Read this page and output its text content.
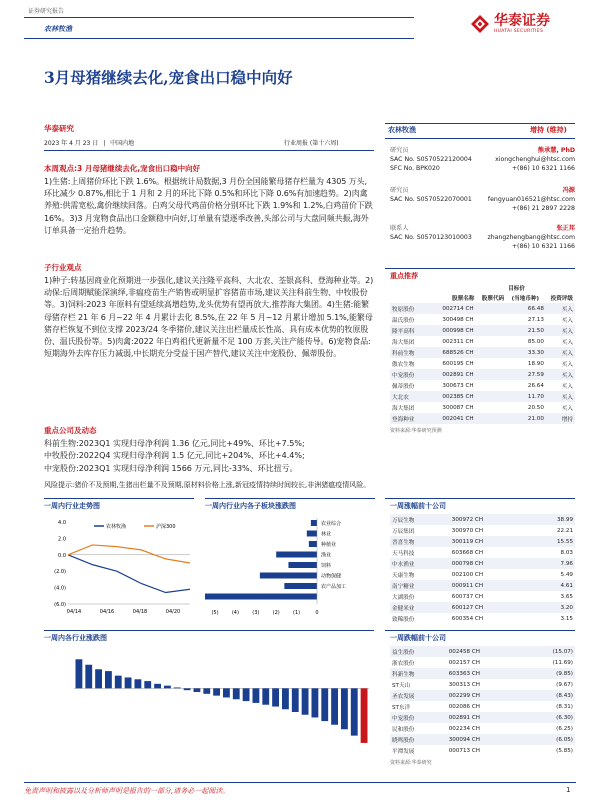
证券研究报告
农林牧渔	华泰证券
HUATAI SECURITIES
3月母猪继续去化,宠食出口稳中向好
华泰研究
2023 年 4 月 23 日 | 中国内地	行业周报 (第十六周)
本周观点:3 月母猪继续去化,宠食出口稳中向好
1)生猪:上周猪价环比下跌 1.6%。根据统计局数据,3 月份全国能繁母猪存栏量为 4305 万头,环比减少 0.87%,相比于 1 月和 2 月的环比下降 0.5%和环比下降 0.6%有加速趋势。2)肉禽养殖:供需宽松,禽价继续回落。白鸡父母代鸡苗价格分别环比下跌 1.9%和 1.2%,白鸡苗价下跌 16%。3)3 月宠物食品出口金额稳中向好,订单量有望逐季改善,头部公司与大盘同频共振,海外订单具备一定抬升趋势。
子行业观点
1)种子:转基因商业化预期进一步强化,建议关注隆平高科、大北农、荃银高科、登海种业等。2)动保:后周期赋能深演绎,非瘟疫苗生产销售或明显扩容猪苗市场,建议关注科前生物、中牧股份等。3)饲料:2023 年原料有望延续高增趋势,龙头优势有望再放大,推荐海大集团。4)生猪:能繁母猪存栏 21 年 6 月~22 年 4 月累计去化 8.5%,在 22 年 5 月~12 月累计增加 5.1%,能繁母猪存栏恢复不到位支撑 2023/24 冬季猪价,建议关注出栏量成长性高、具有成本优势的牧原股份、温氏股份等。5)肉禽:2022 年白鸡祖代更新量不足 100 万套,关注产能传导。6)宠物食品:短期海外去库存压力减弱,中长期充分受益于国产替代,建议关注中宠股份、佩蒂股份。
重点公司及动态
科前生物:2023Q1 实现归母净利润 1.36 亿元,同比+49%、环比+7.5%;
中牧股份:2022Q4 实现归母净利润 1.5 亿元,同比+204%、环比+4.4%;
中宠股份:2023Q1 实现归母净利润 1566 万元,同比-33%、环比扭亏。
风险提示:猪价不及预期,生猪出栏量不及预期,原材料价格上涨,新冠疫情持续时间较长,非洲猪瘟疫情风险。
农林牧渔	增持 (维持)
研究员	熊承慧, PhD
SAC No. S0570522120004	xiongchenghui@htsc.com
SFC No. BPK020	+(86) 10 6321 1166
研究员	冯源
SAC No. S0570522070001	fengyuan016521@htsc.com
+(86) 21 2897 2228
联系人	张正邦
SAC No. S0570123010003	zhangzhengbang@htsc.com
+(86) 10 6321 1166
重点推荐
目标价
	股票名称	股票代码	(当地币种)	投资评级
牧原股份	002714 CH	66.48	买入
温氏股份	300498 CH	27.13	买入
隆平高科	000998 CH	21.50	买入
海大集团	002311 CH	85.00	买入
科前生物	688526 CH	33.30	买入
傲农生物	600195 CH	18.90	买入
中宠股份	002891 CH	27.59	买入
佩蒂股份	300673 CH	26.64	买入
大北农	002385 CH	11.70	买入
海大集团	300087 CH	20.50	买入
登海种业	002041 CH	21.00	增持
资料来源:华泰研究预测
一周内行业走势图
4.0
2.0
0.0
(2.0)
(4.0)
(6.0)
04/14	04/16	04/18	04/20
农林牧渔	沪深300
一周内行业内各子板块涨跌图
农业综合
林业
种植业
渔业
饲料
动物保健
农产品加工
(5)	(4)	(3)	(2)	(1)	0
一周涨幅前十公司
万辰生物	300972 CH	38.99
万辰集团	300970 CH	22.21
晋喜生物	300119 CH	15.55
天马科技	603668 CH	8.03
中水渔业	000798 CH	7.96
天康生物	002100 CH	5.49
南宁糖业	000911 CH	4.61
大湖股份	600737 CH	3.65
金健米业	600127 CH	3.20
致稀股份	600354 CH	3.15
一周内各行业涨跌图	一周跌幅前十公司
益生股份	002458 CH	(15.07)
浙农股份	002157 CH	(11.69)
科新生物	603363 CH	(9.85)
ST天山	300313 CH	(9.67)
圣农发展	002299 CH	(8.43)
ST东洋	002086 CH	(8.31)
中宠股份	002891 CH	(6.30)
民和股份	002234 CH	(6.25)
晓鸣股份	300094 CH	(6.05)
平潭发展	000713 CH	(5.85)
资料来源:华泰研究
免责声明和披露以及分析师声明是报告的一部分,请务必一起阅读。	1
